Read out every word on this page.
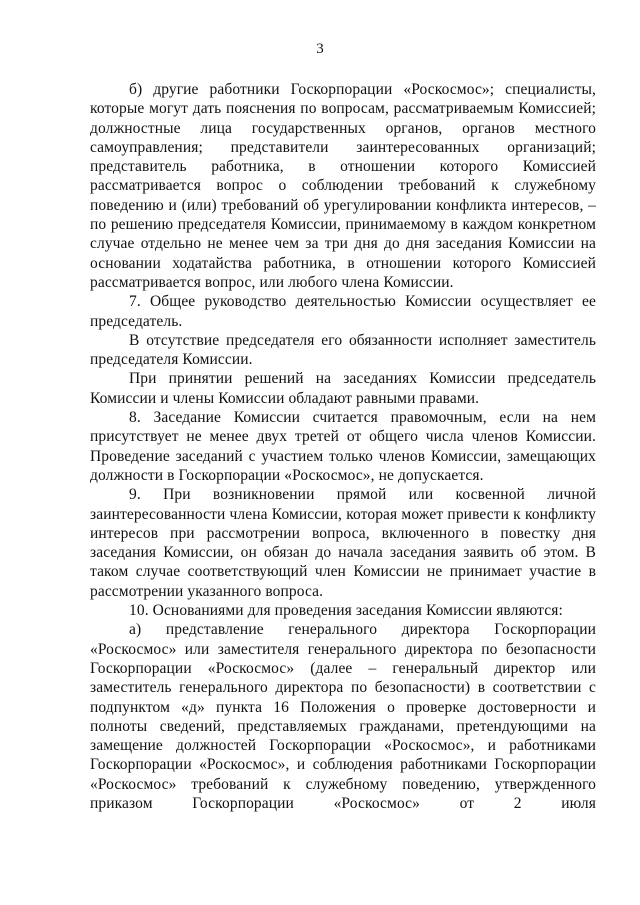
3

б) другие работники Госкорпорации «Роскосмос»; специалисты, которые могут дать пояснения по вопросам, рассматриваемым Комиссией; должностные лица государственных органов, органов местного самоуправления; представители заинтересованных организаций; представитель работника, в отношении которого Комиссией рассматривается вопрос о соблюдении требований к служебному поведению и (или) требований об урегулировании конфликта интересов, – по решению председателя Комиссии, принимаемому в каждом конкретном случае отдельно не менее чем за три дня до дня заседания Комиссии на основании ходатайства работника, в отношении которого Комиссией рассматривается вопрос, или любого члена Комиссии.

7. Общее руководство деятельностью Комиссии осуществляет ее председатель.

В отсутствие председателя его обязанности исполняет заместитель председателя Комиссии.

При принятии решений на заседаниях Комиссии председатель Комиссии и члены Комиссии обладают равными правами.

8. Заседание Комиссии считается правомочным, если на нем присутствует не менее двух третей от общего числа членов Комиссии. Проведение заседаний с участием только членов Комиссии, замещающих должности в Госкорпорации «Роскосмос», не допускается.

9. При возникновении прямой или косвенной личной заинтересованности члена Комиссии, которая может привести к конфликту интересов при рассмотрении вопроса, включенного в повестку дня заседания Комиссии, он обязан до начала заседания заявить об этом. В таком случае соответствующий член Комиссии не принимает участие в рассмотрении указанного вопроса.

10. Основаниями для проведения заседания Комиссии являются:

а) представление генерального директора Госкорпорации «Роскосмос» или заместителя генерального директора по безопасности Госкорпорации «Роскосмос» (далее – генеральный директор или заместитель генерального директора по безопасности) в соответствии с подпунктом «д» пункта 16 Положения о проверке достоверности и полноты сведений, представляемых гражданами, претендующими на замещение должностей Госкорпорации «Роскосмос», и работниками Госкорпорации «Роскосмос», и соблюдения работниками Госкорпорации «Роскосмос» требований к служебному поведению, утвержденного приказом Госкорпорации «Роскосмос» от 2 июля
